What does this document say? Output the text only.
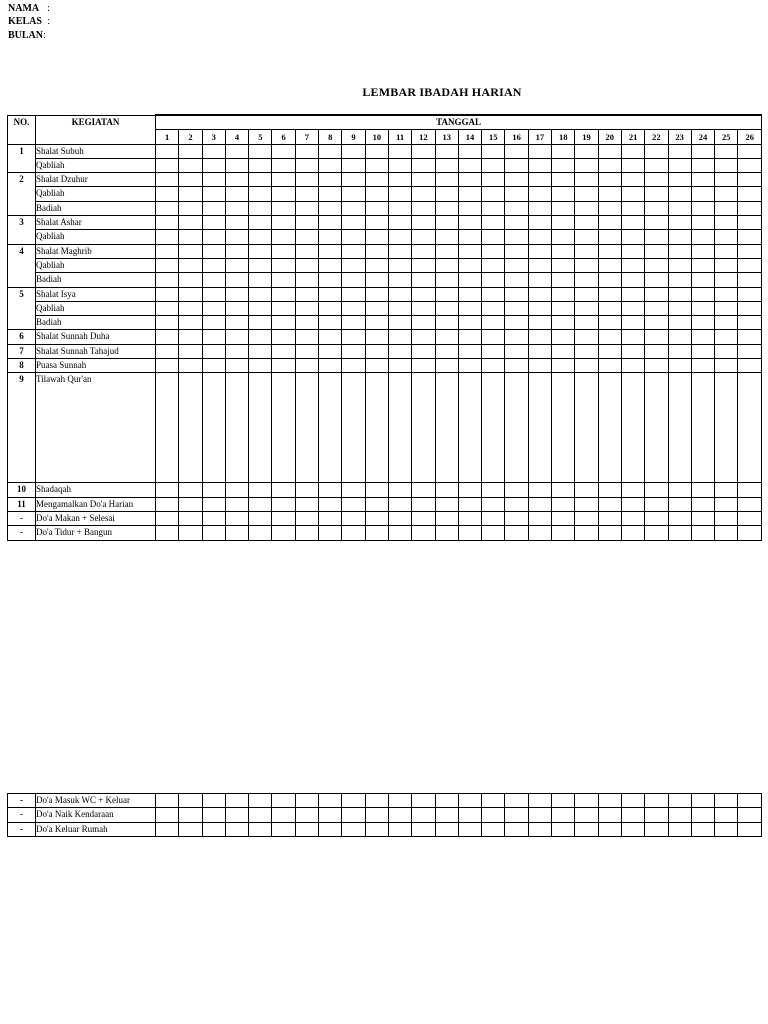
NAMA :
KELAS :
BULAN:
LEMBAR IBADAH HARIAN
NO.	KEGIATAN	TANGGAL																									
		1	2	3	4	5	6	7	8	9	10	11	12	13	14	15	16	17	18	19	20	21	22	23	24	25	26
1	Shalat Subuh																										
	Qabliah																										
2	Shalat Dzuhur																										
	Qabliah																										
	Badiah																										
3	Shalat Ashar																										
	Qabliah																										
4	Shalat Maghrib																										
	Qabliah																										
	Badiah																										
5	Shalat Isya																										
	Qabliah																										
	Badiah																										
6	Shalat Sunnah Duha																										
7	Shalat Sunnah Tahajud																										
8	Puasa Sunnah																										
9	Tilawah Qur'an																										
10	Shadaqah																										
11	Mengamalkan Do'a Harian																										
-	Do'a Makan + Selesai																										
-	Do'a Tidur + Bangun																										
-	Do'a Masuk WC + Keluar																										
-	Do'a Naik Kendaraan																										
-	Do'a Keluar Rumah																										
